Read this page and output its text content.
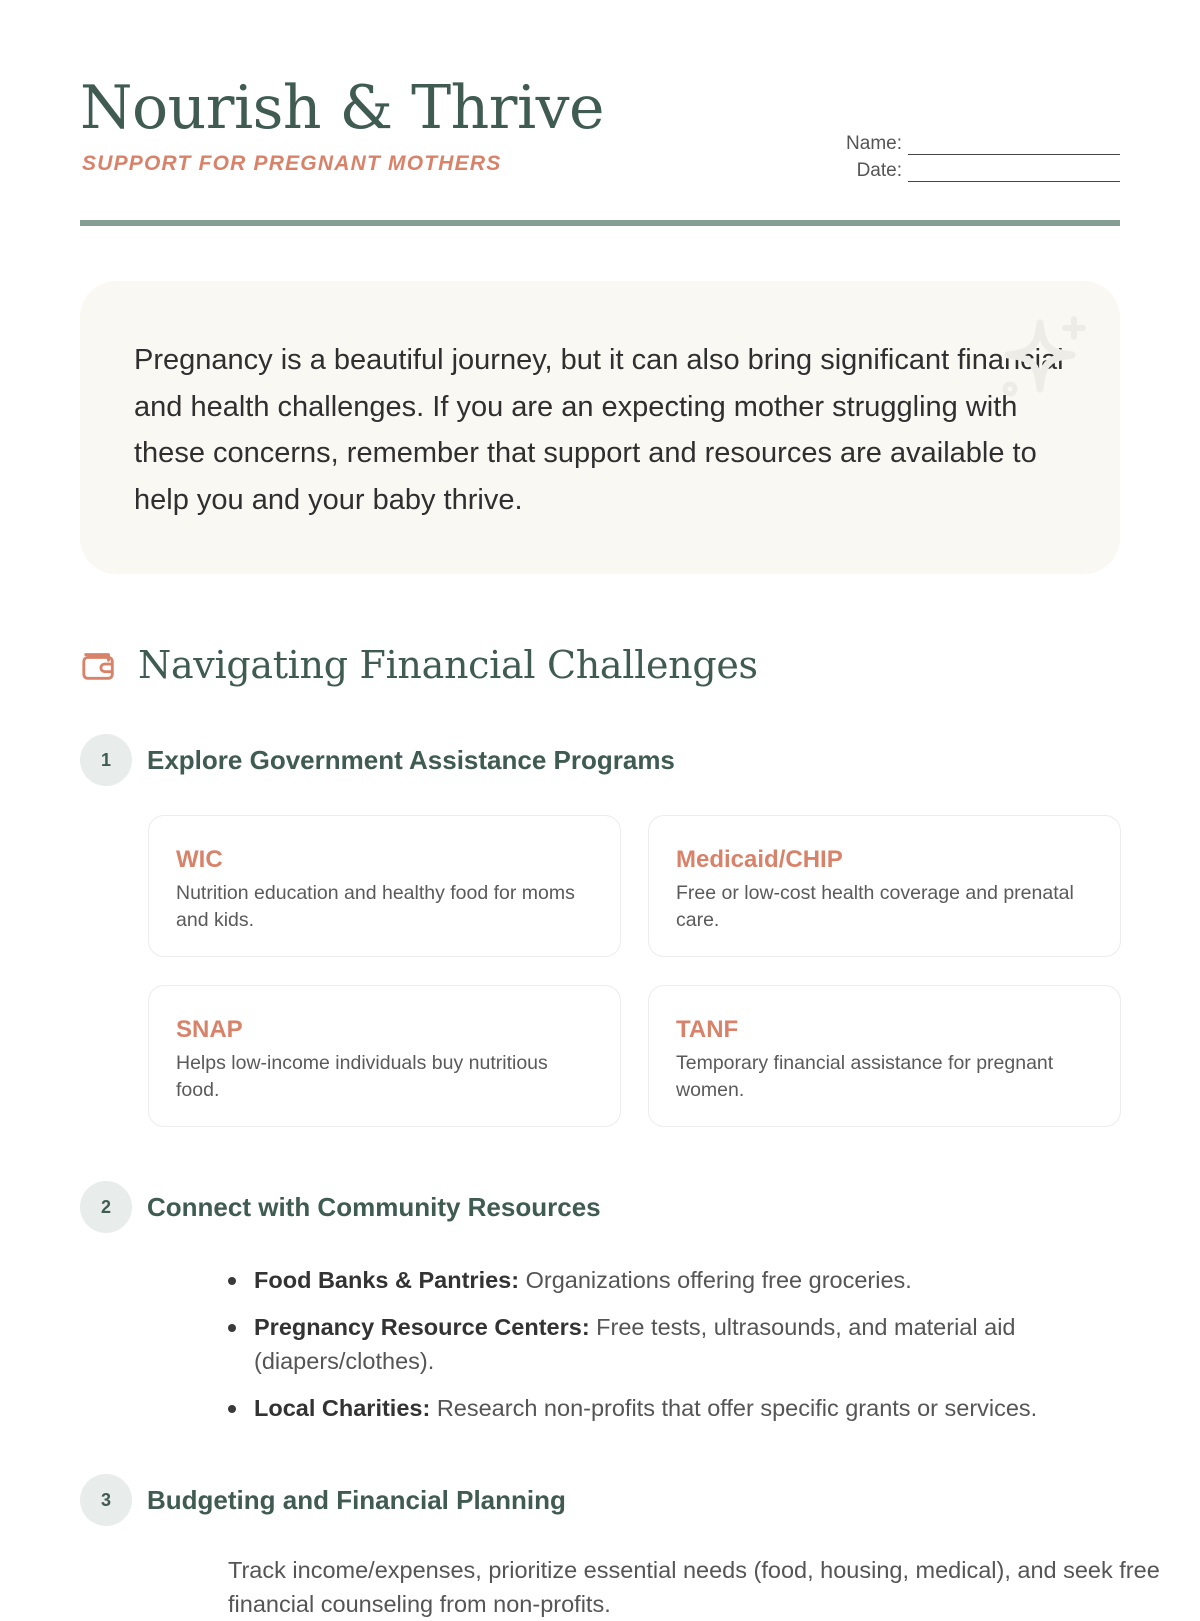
Nourish & Thrive
SUPPORT FOR PREGNANT MOTHERS
Name:
Date:

Pregnancy is a beautiful journey, but it can also bring significant financial and health challenges. If you are an expecting mother struggling with these concerns, remember that support and resources are available to help you and your baby thrive.

Navigating Financial Challenges
1	Explore Government Assistance Programs
WIC
Nutrition education and healthy food for moms and kids.
Medicaid/CHIP
Free or low-cost health coverage and prenatal care.
SNAP
Helps low-income individuals buy nutritious food.
TANF
Temporary financial assistance for pregnant women.
2	Connect with Community Resources
Food Banks & Pantries: Organizations offering free groceries.
Pregnancy Resource Centers: Free tests, ultrasounds, and material aid (diapers/clothes).
Local Charities: Research non-profits that offer specific grants or services.
3	Budgeting and Financial Planning

Track income/expenses, prioritize essential needs (food, housing, medical), and seek free financial counseling from non-profits.
